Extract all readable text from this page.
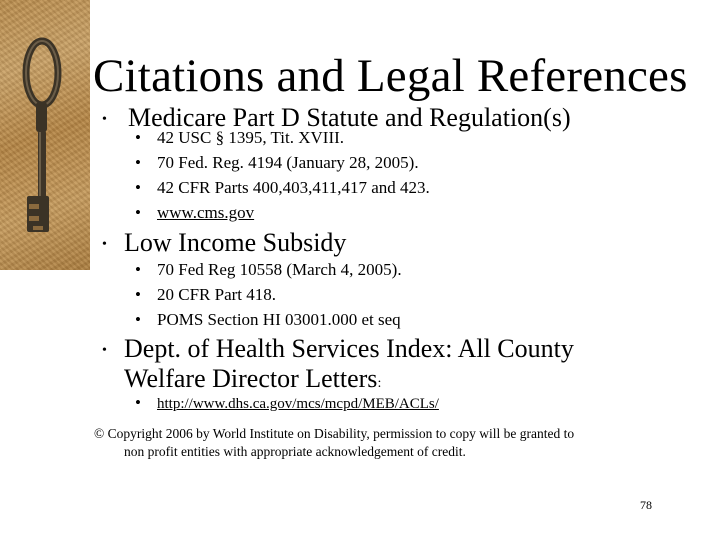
Citations and Legal References
• Medicare Part D Statute and Regulation(s)
• 42 USC § 1395, Tit. XVIII.
• 70 Fed. Reg. 4194 (January 28, 2005).
• 42 CFR Parts 400,403,411,417 and 423.
• www.cms.gov
• Low Income Subsidy
• 70 Fed Reg 10558 (March 4, 2005).
• 20 CFR Part 418.
• POMS Section HI 03001.000 et seq
• Dept. of Health Services Index: All County
Welfare Director Letters:
• http://www.dhs.ca.gov/mcs/mcpd/MEB/ACLs/
© Copyright 2006 by World Institute on Disability, permission to copy will be granted to
non profit entities with appropriate acknowledgement of credit.
78
